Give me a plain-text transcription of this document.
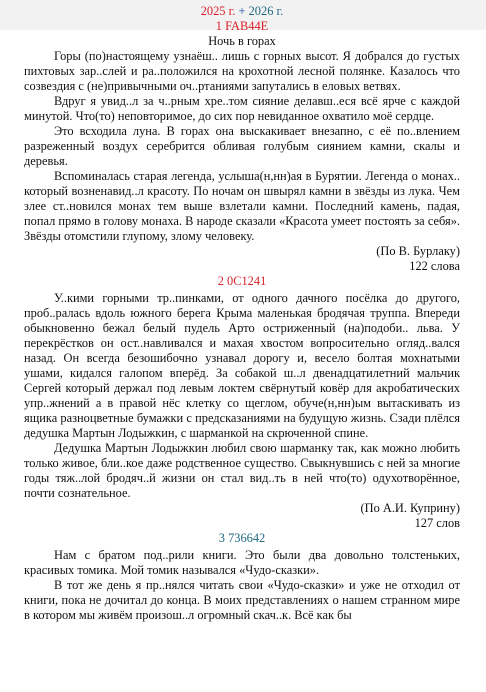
2025 г. + 2026 г.
1 FAB44E
Ночь в горах

Горы (по)настоящему узнаёш.. лишь с горных высот. Я добрался до густых пихтовых зар..слей и ра..положился на крохотной лесной полянке. Казалось что созвездия с (не)привычными оч..ртаниями запутались в еловых ветвях.

Вдруг я увид..л за ч..рным хре..том сияние делавш..еся всё ярче с каждой минутой. Что(то) неповторимое, до сих пор невиданное охватило моё сердце.

Это всходила луна. В горах она выскакивает внезапно, с её по..влением разреженный воздух серебрится обливая голубым сиянием камни, скалы и деревья.

Вспоминалась старая легенда, услыша(н,нн)ая в Бурятии. Легенда о монах.. который возненавид..л красоту. По ночам он швырял камни в звёзды из лука. Чем злее ст..новился монах тем выше взлетали камни. Последний камень, падая, попал прямо в голову монаха. В народе сказали «Красота умеет постоять за себя». Звёзды отомстили глупому, злому человеку.

(По В. Бурлаку)
122 слова
2 0C1241

У..кими горными тр..пинками, от одного дачного посёлка до другого, проб..ралась вдоль южного берега Крыма маленькая бродячая труппа. Впереди обыкновенно бежал белый пудель Арто остриженный (на)подоби.. льва. У перекрёстков он ост..навливался и махая хвостом вопросительно огляд..вался назад. Он всегда безошибочно узнавал дорогу и, весело болтая мохнатыми ушами, кидался галопом вперёд. За собакой ш..л двенадцатилетний мальчик Сергей который держал под левым локтем свёрнутый ковёр для акробатических упр..жнений а в правой нёс клетку со щеглом, обуче(н,нн)ым вытаскивать из ящика разноцветные бумажки с предсказаниями на будущую жизнь. Сзади плёлся дедушка Мартын Лодыжкин, с шарманкой на скрюченной спине.

Дедушка Мартын Лодыжкин любил свою шарманку так, как можно любить только живое, бли..кое даже родственное существо. Свыкнувшись с ней за многие годы тяж..лой бродяч..й жизни он стал вид..ть в ней что(то) одухотворённое, почти сознательное.

(По А.И. Куприну)
127 слов
3 736642

Нам с братом под..рили книги. Это были два довольно толстеньких, красивых томика. Мой томик назывался «Чудо-сказки».

В тот же день я пр..нялся читать свои «Чудо-сказки» и уже не отходил от книги, пока не дочитал до конца. В моих представлениях о нашем странном мире в котором мы живём произош..л огромный скач..к. Всё как бы
